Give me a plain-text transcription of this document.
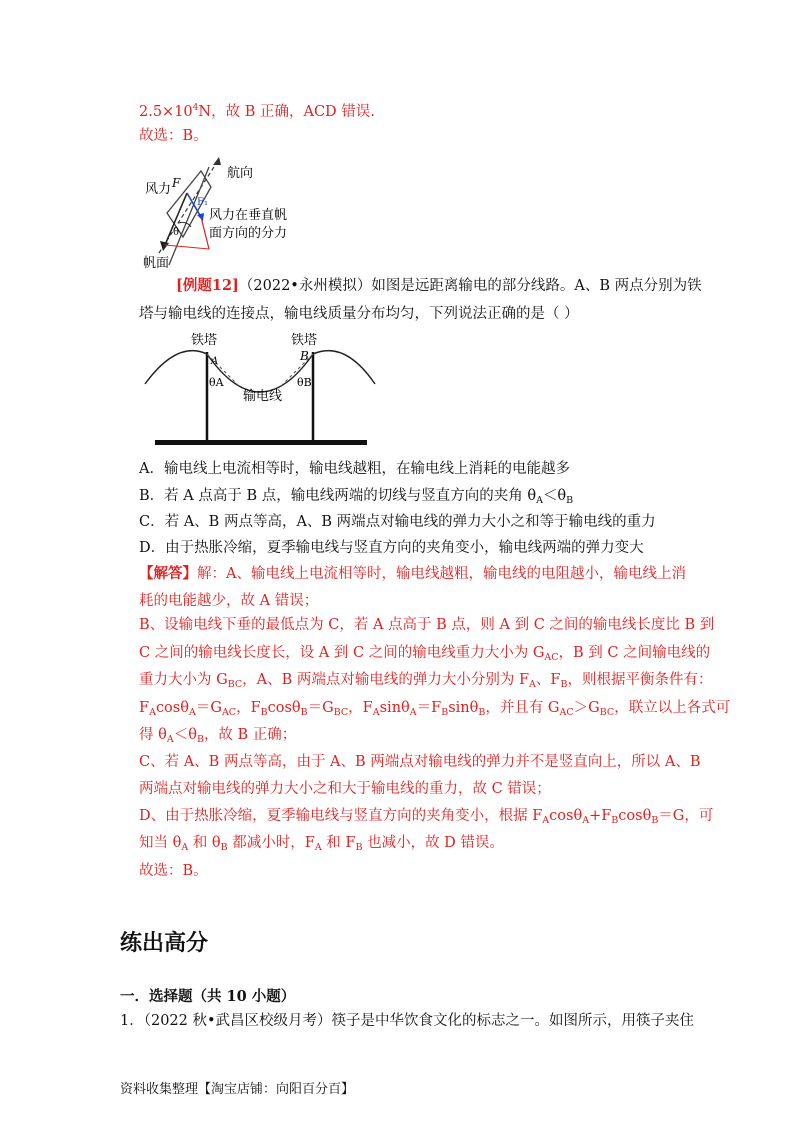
$2.5\times 10^4N$，故 B 正确，ACD 错误.
故选：B。
风力
航向
风力在垂直帆
面方向的分力
帆面
F
F₁
θ
[例题12]（2022•永州模拟）如图是远距离输电的部分线路。A、B 两点分别为铁
塔与输电线的连接点，输电线质量分布均匀，下列说法正确的是（ ）
铁塔	铁塔
A	B
θA	θB
输电线
A．输电线上电流相等时，输电线越粗，在输电线上消耗的电能越多
B．若 A 点高于 B 点，输电线两端的切线与竖直方向的夹角 $\theta_A<\theta_B$
C．若 A、B 两点等高，A、B 两端点对输电线的弹力大小之和等于输电线的重力
D．由于热胀冷缩，夏季输电线与竖直方向的夹角变小，输电线两端的弹力变大
【解答】解：A、输电线上电流相等时，输电线越粗，输电线的电阻越小，输电线上消
耗的电能越少，故 A 错误；
B、设输电线下垂的最低点为 C，若 A 点高于 B 点，则 A 到 C 之间的输电线长度比 B 到
C 之间的输电线长度长，设 A 到 C 之间的输电线重力大小为 $G_{AC}$，B 到 C 之间输电线的
重力大小为 $G_{BC}$，A、B 两端点对输电线的弹力大小分别为 $F_A$、$F_B$，则根据平衡条件有：
$F_A\cos\theta_A=G_{AC}$，$F_B\cos\theta_B=G_{BC}$，$F_A\sin\theta_A=F_B\sin\theta_B$，并且有 $G_{AC}>G_{BC}$，联立以上各式可
得 $\theta_A<\theta_B$，故 B 正确；
C、若 A、B 两点等高，由于 A、B 两端点对输电线的弹力并不是竖直向上，所以 A、B
两端点对输电线的弹力大小之和大于输电线的重力，故 C 错误；
D、由于热胀冷缩，夏季输电线与竖直方向的夹角变小，根据 $F_A\cos\theta_A+F_B\cos\theta_B=G$，可
知当 $\theta_A$ 和 $\theta_B$ 都减小时，$F_A$ 和 $F_B$ 也减小，故 D 错误。
故选：B。
练出高分
一．选择题（共 10 小题）
1．（2022 秋•武昌区校级月考）筷子是中华饮食文化的标志之一。如图所示，用筷子夹住
资料收集整理【淘宝店铺：向阳百分百】
